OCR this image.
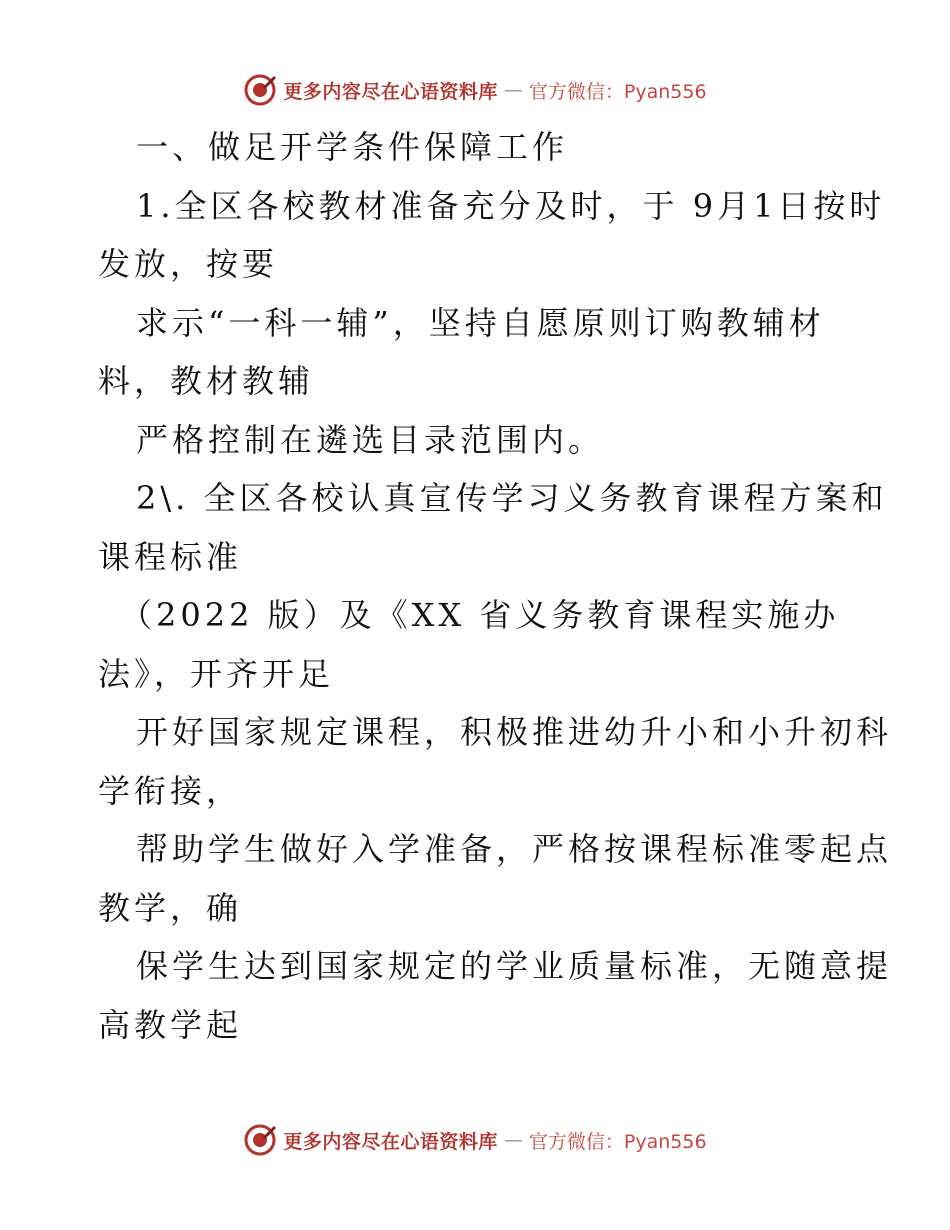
更多内容尽在心语资料库 — 官方微信：Pyan556
一、做足开学条件保障工作
1.全区各校教材准备充分及时，于 9月1日按时
发放，按要
求示“一科一辅”，坚持自愿原则订购教辅材
料，教材教辅
严格控制在遴选目录范围内。
2\. 全区各校认真宣传学习义务教育课程方案和
课程标准
（2022 版）及《XX 省义务教育课程实施办
法》，开齐开足
开好国家规定课程，积极推进幼升小和小升初科
学衔接，
帮助学生做好入学准备，严格按课程标准零起点
教学，确
保学生达到国家规定的学业质量标准，无随意提
高教学起
更多内容尽在心语资料库 — 官方微信：Pyan556
